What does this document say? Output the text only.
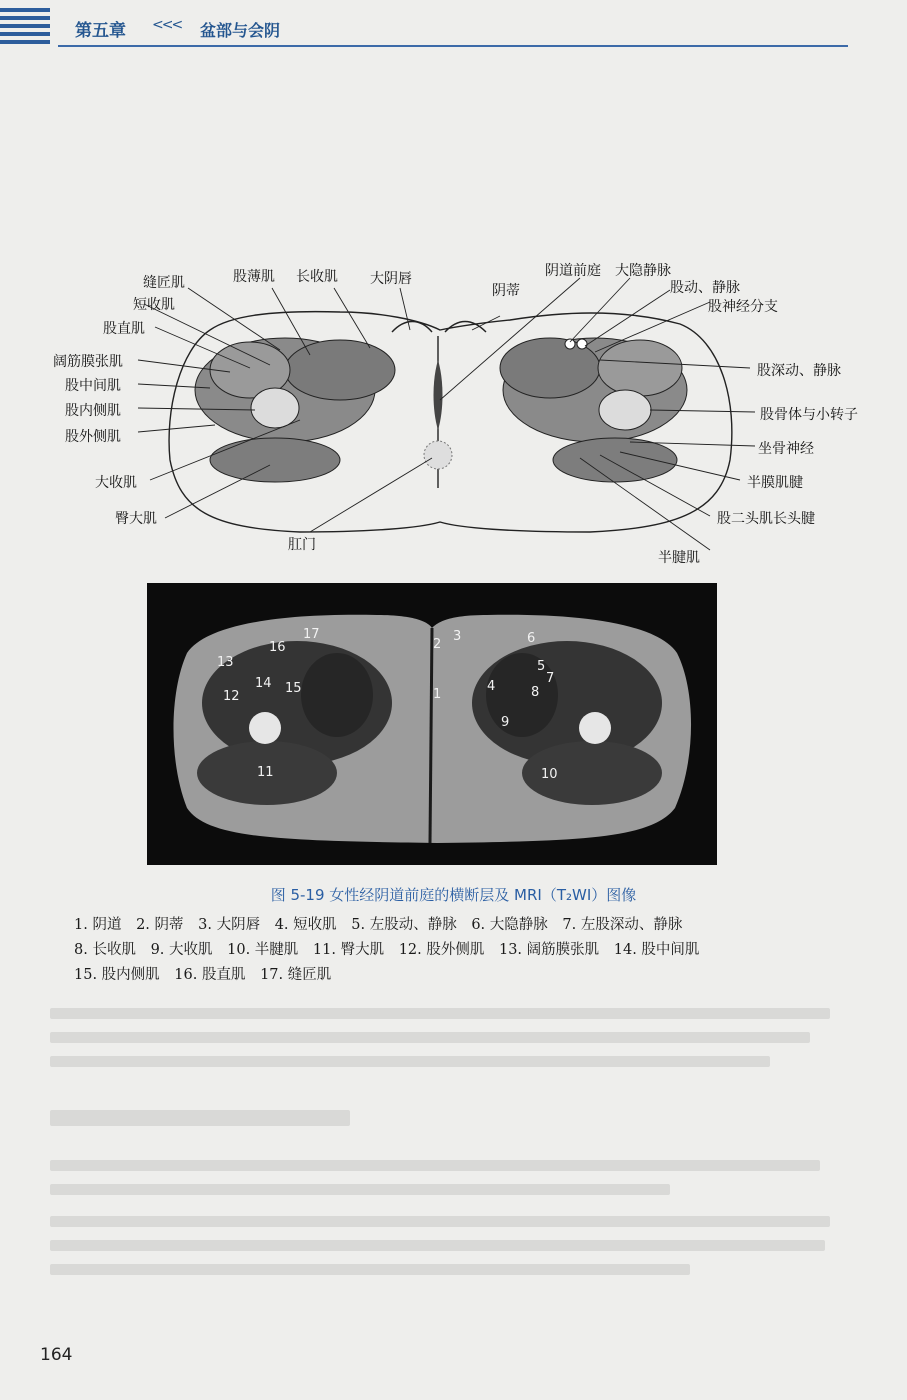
第五章 <<< 盆部与会阴
缝匠肌	股薄肌 长收肌 大阴唇
阴蒂
短收肌
股直肌
阔筋膜张肌
股中间肌
股内侧肌
股外侧肌
大收肌
臀大肌
肛门
阴道前庭 大隐静脉
股动、静脉
股神经分支
股深动、静脉
股骨体与小转子
坐骨神经
半膜肌腱
股二头肌长头腱
半腱肌
1
2
3
4
5
6
7
8
9
10
11
12
13
14 15
16
17
图 5-19 女性经阴道前庭的横断层及 MRI（T₂WI）图像
1. 阴道 2. 阴蒂 3. 大阴唇 4. 短收肌 5. 左股动、静脉 6. 大隐静脉 7. 左股深动、静脉
8. 长收肌 9. 大收肌 10. 半腱肌 11. 臀大肌 12. 股外侧肌 13. 阔筋膜张肌 14. 股中间肌
15. 股内侧肌 16. 股直肌 17. 缝匠肌
164
